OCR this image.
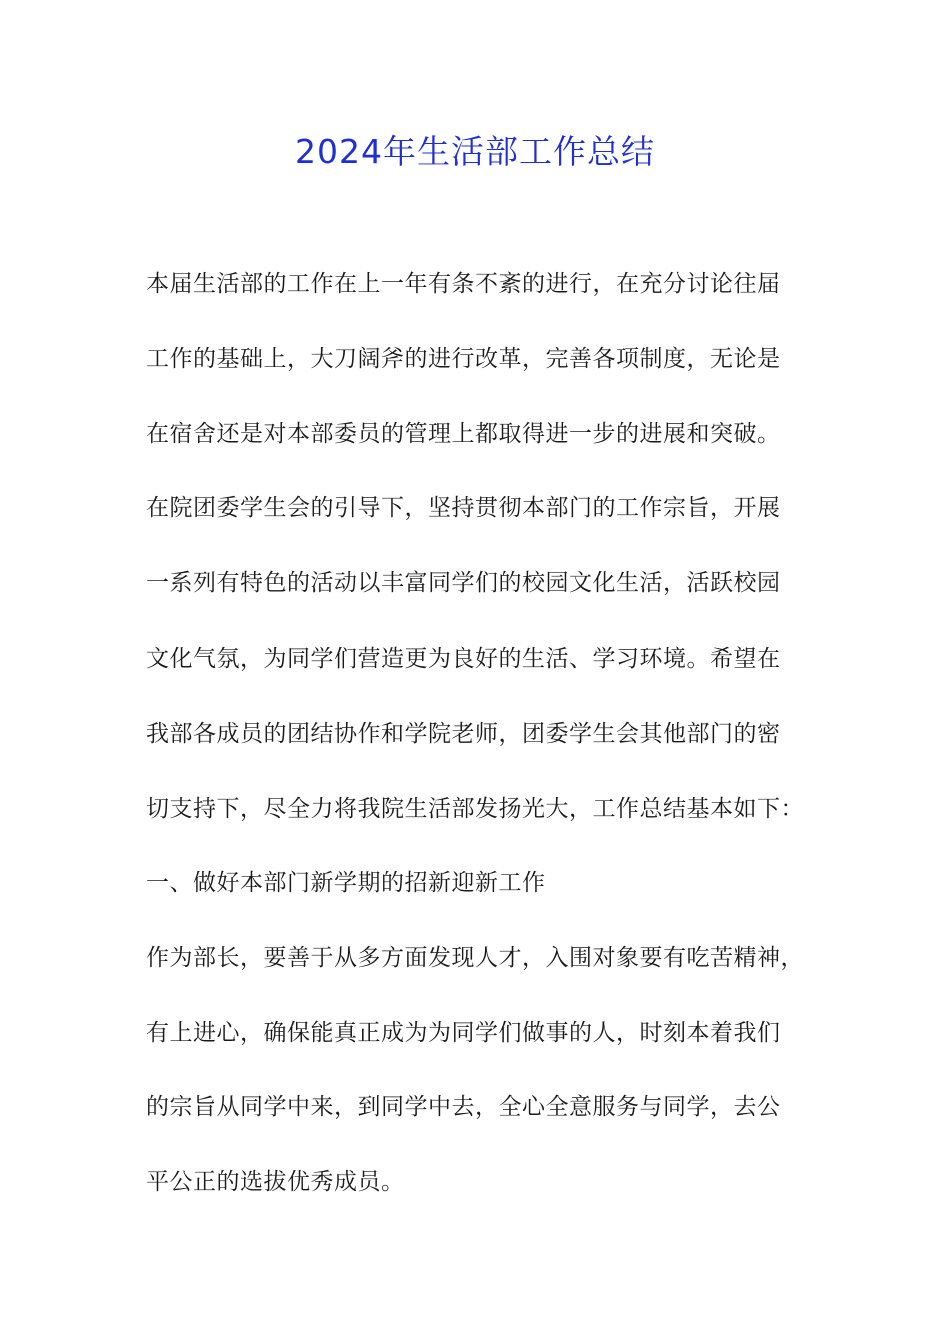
2024年生活部工作总结
本届生活部的工作在上一年有条不紊的进行，在充分讨论往届
工作的基础上，大刀阔斧的进行改革，完善各项制度，无论是
在宿舍还是对本部委员的管理上都取得进一步的进展和突破。
在院团委学生会的引导下，坚持贯彻本部门的工作宗旨，开展
一系列有特色的活动以丰富同学们的校园文化生活，活跃校园
文化气氛，为同学们营造更为良好的生活、学习环境。希望在
我部各成员的团结协作和学院老师，团委学生会其他部门的密
切支持下，尽全力将我院生活部发扬光大，工作总结基本如下：
一、做好本部门新学期的招新迎新工作
作为部长，要善于从多方面发现人才，入围对象要有吃苦精神，
有上进心，确保能真正成为为同学们做事的人，时刻本着我们
的宗旨从同学中来，到同学中去，全心全意服务与同学，去公
平公正的选拔优秀成员。
